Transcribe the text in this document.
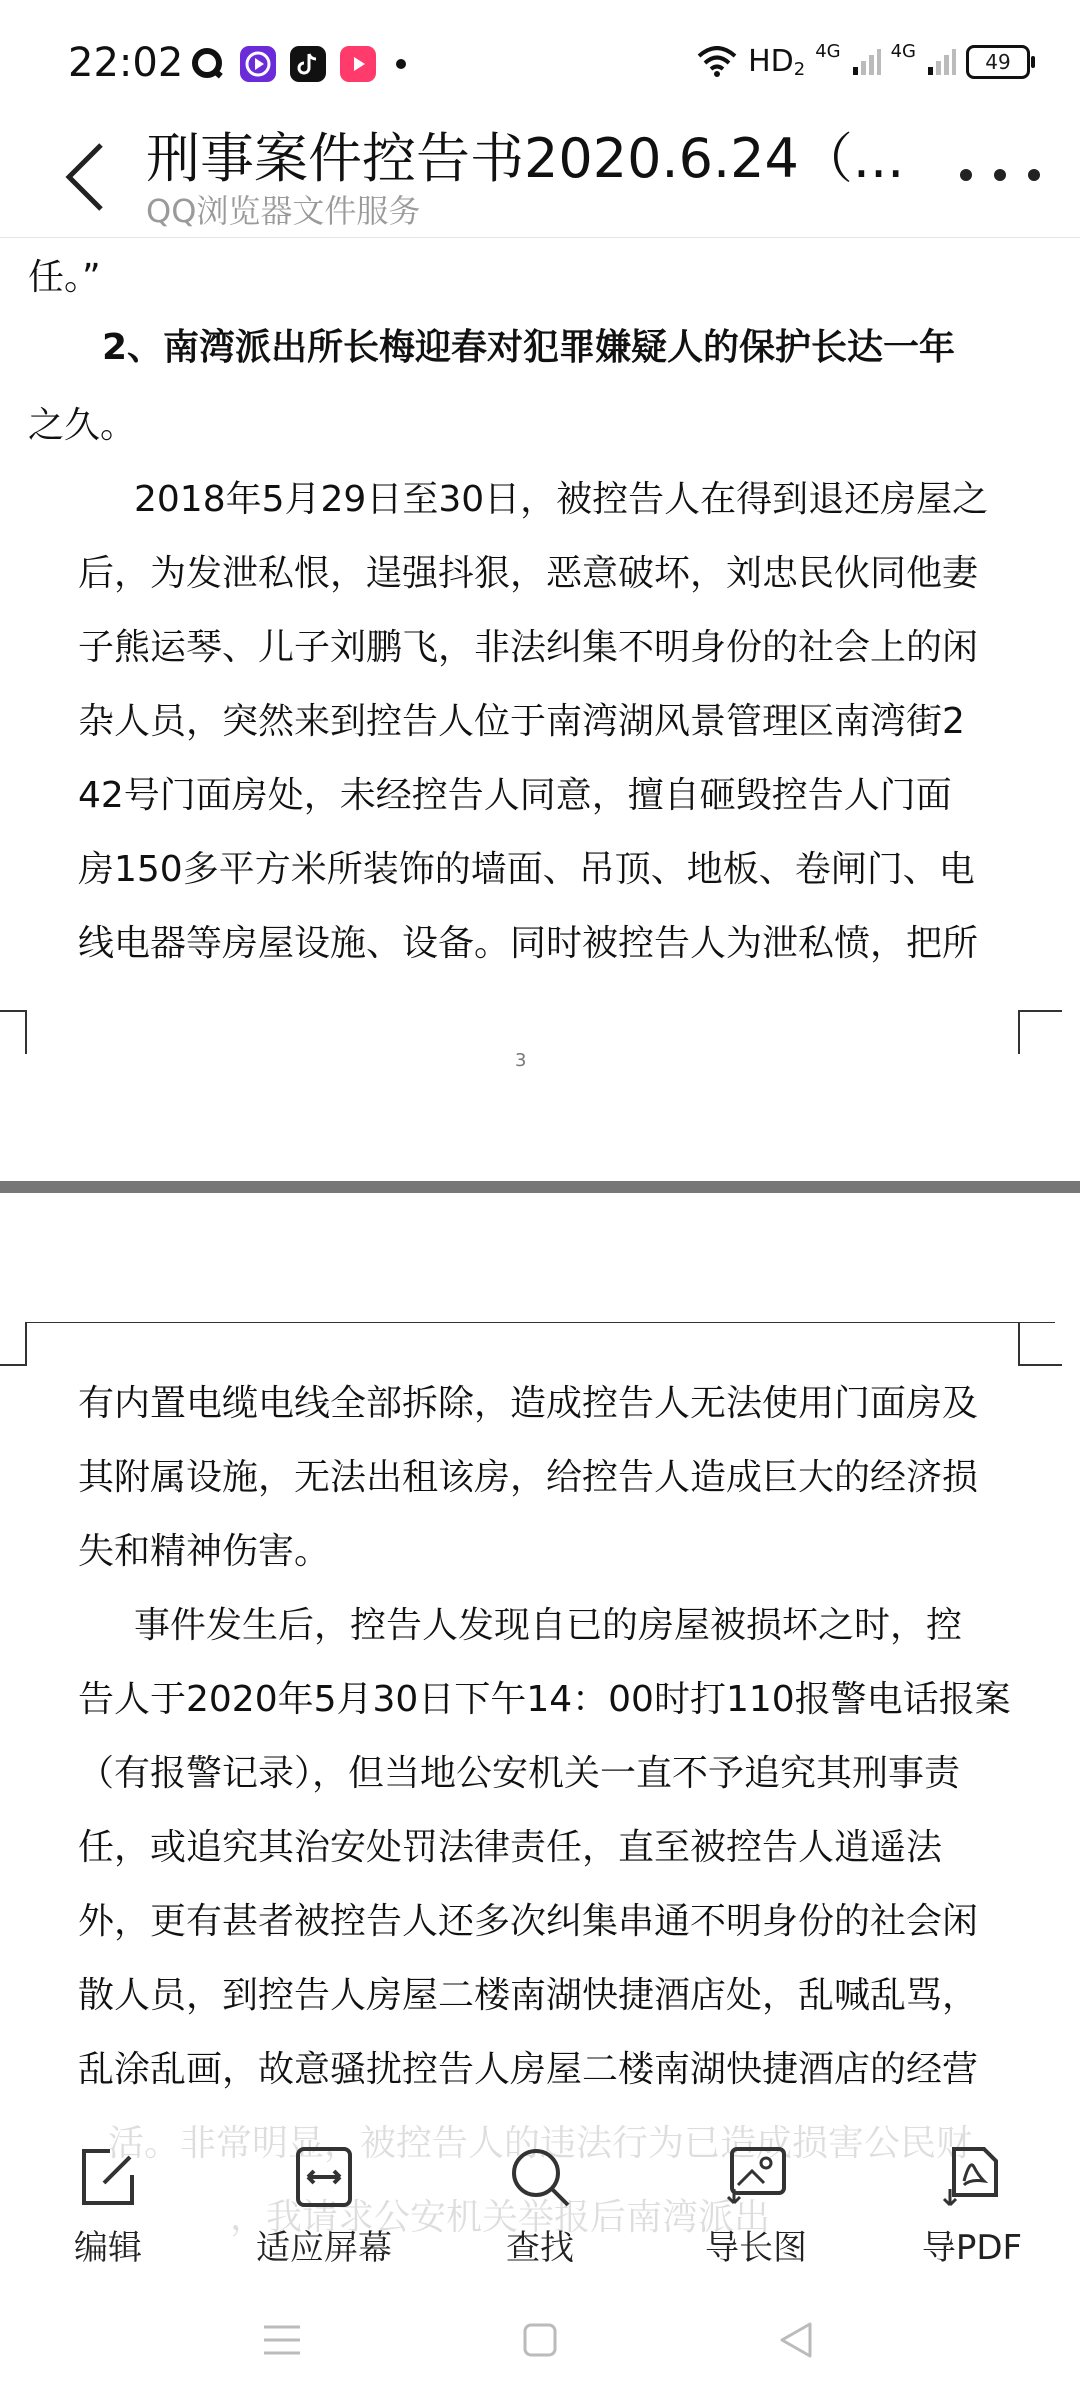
22:02	HD 2
4G	4G	49
刑事案件控告书2020.6.24（...
QQ浏览器文件服务
任。”
2、南湾派出所长梅迎春对犯罪嫌疑人的保护长达一年
之久。
2018年5月29日至30日，被控告人在得到退还房屋之
后，为发泄私恨，逞强抖狠，恶意破坏，刘忠民伙同他妻
子熊运琴、儿子刘鹏飞，非法纠集不明身份的社会上的闲
杂人员，突然来到控告人位于南湾湖风景管理区南湾街2
42号门面房处，未经控告人同意，擅自砸毁控告人门面
房150多平方米所装饰的墙面、吊顶、地板、卷闸门、电
线电器等房屋设施、设备。同时被控告人为泄私愤，把所
3
有内置电缆电线全部拆除，造成控告人无法使用门面房及
其附属设施，无法出租该房，给控告人造成巨大的经济损
失和精神伤害。
事件发生后，控告人发现自已的房屋被损坏之时，控
告人于2020年5月30日下午14：00时打110报警电话报案
（有报警记录），但当地公安机关一直不予追究其刑事责
任，或追究其治安处罚法律责任，直至被控告人逍遥法
外，更有甚者被控告人还多次纠集串通不明身份的社会闲
散人员，到控告人房屋二楼南湖快捷酒店处，乱喊乱骂，
乱涂乱画，故意骚扰控告人房屋二楼南湖快捷酒店的经营
编辑	适应屏幕	查找	导长图	导PDF
